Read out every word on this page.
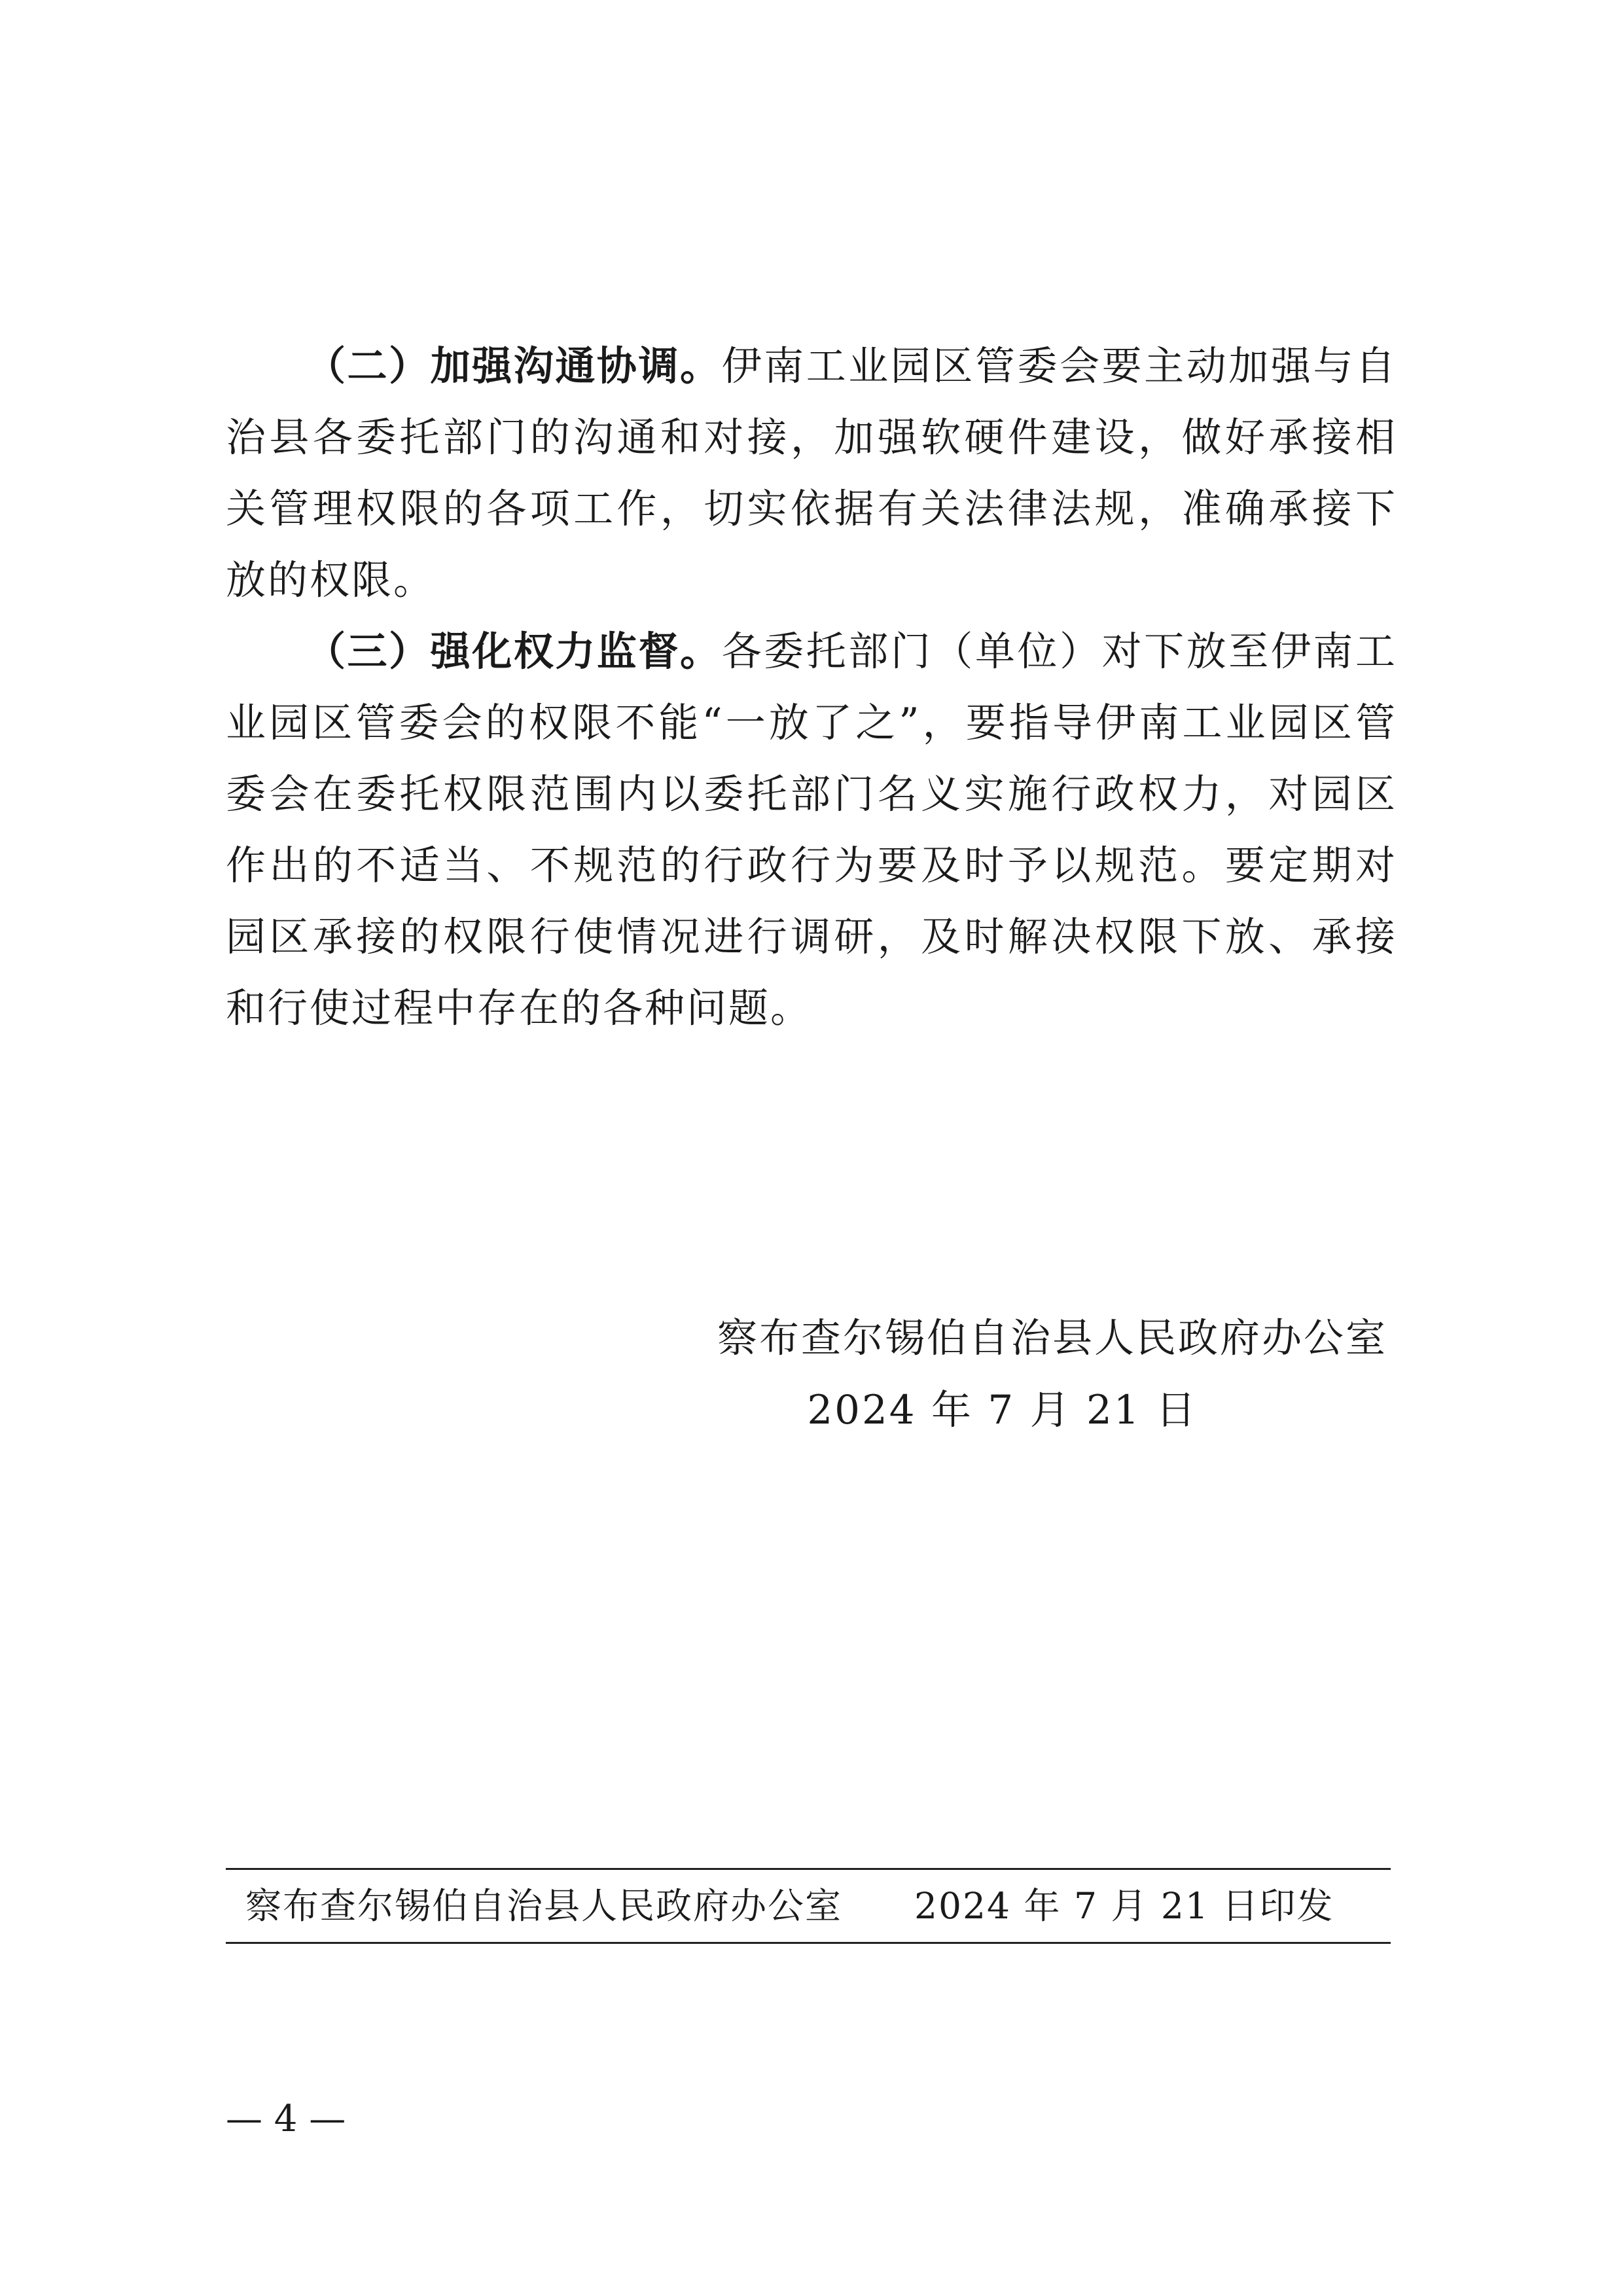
（二）加强沟通协调。伊南工业园区管委会要主动加强与自治县各委托部门的沟通和对接，加强软硬件建设，做好承接相关管理权限的各项工作，切实依据有关法律法规，准确承接下放的权限。

（三）强化权力监督。各委托部门（单位）对下放至伊南工业园区管委会的权限不能“一放了之”，要指导伊南工业园区管委会在委托权限范围内以委托部门名义实施行政权力，对园区作出的不适当、不规范的行政行为要及时予以规范。要定期对园区承接的权限行使情况进行调研，及时解决权限下放、承接和行使过程中存在的各种问题。

察布查尔锡伯自治县人民政府办公室
2024 年 7 月 21 日
察布查尔锡伯自治县人民政府办公室 2024 年 7 月 21 日印发
— 4 —
